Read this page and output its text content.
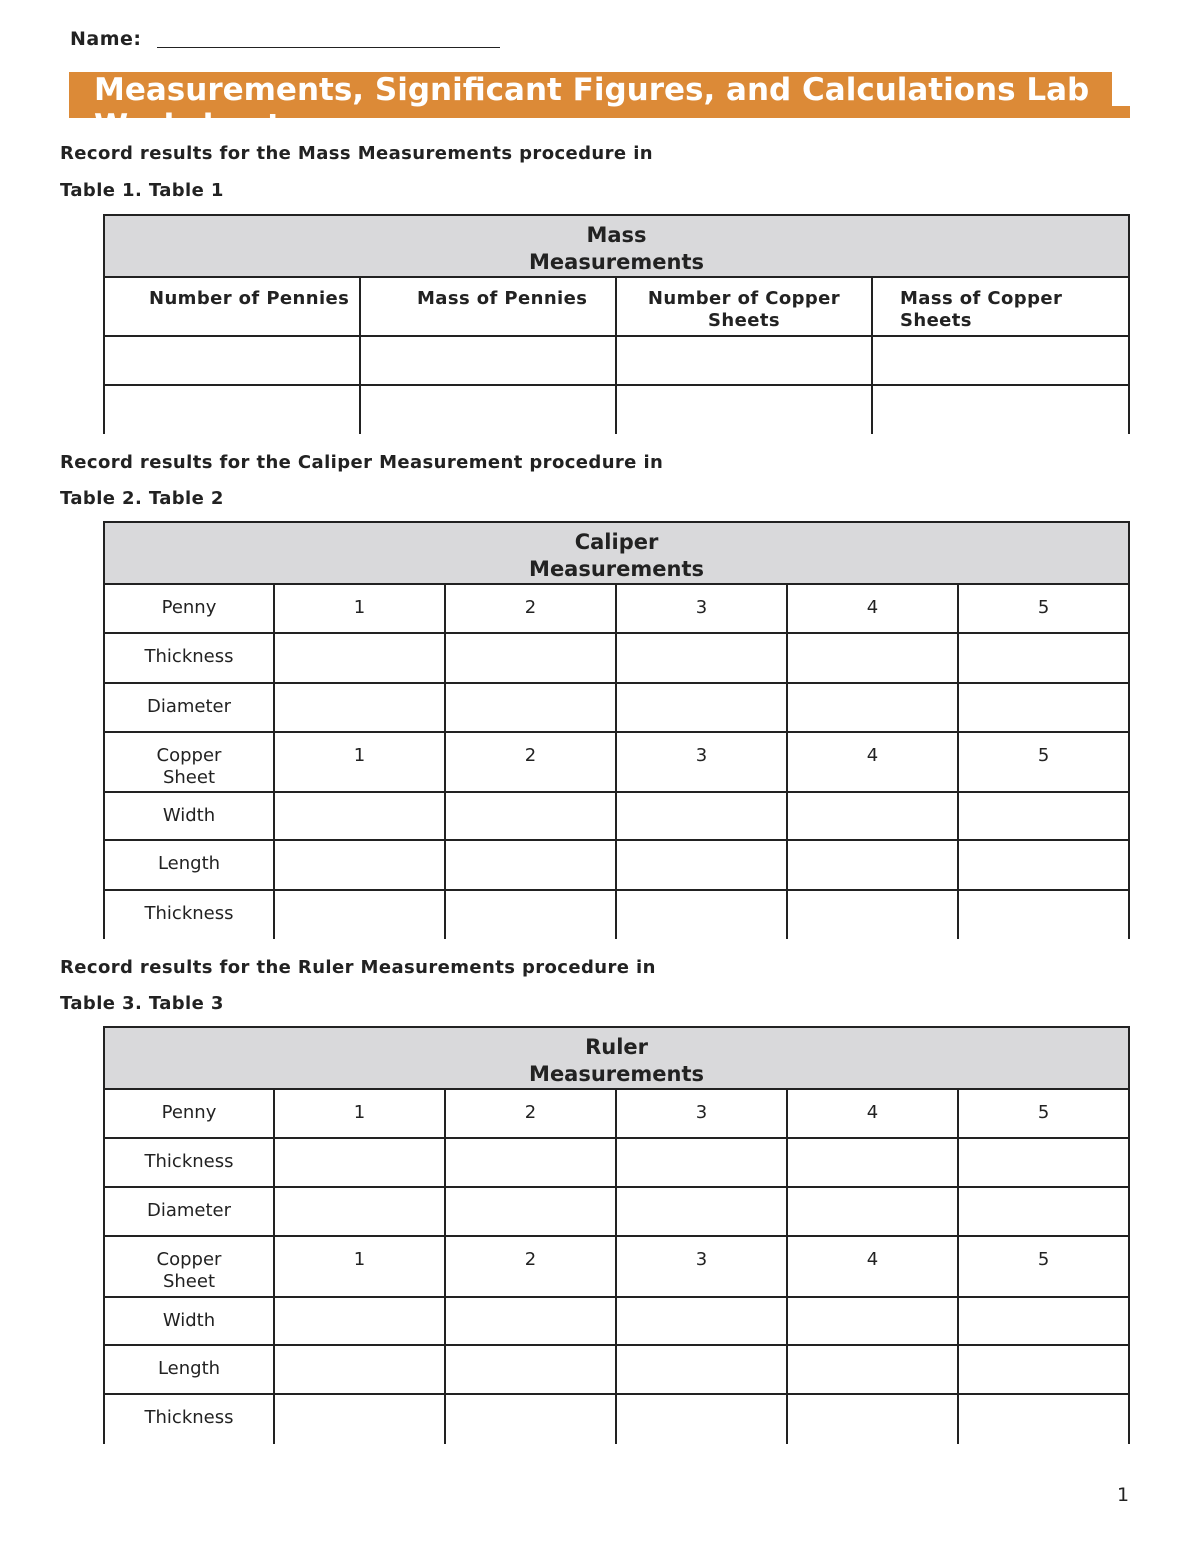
Name:
Measurements, Significant Figures, and Calculations Lab
Worksheet
Record results for the Mass Measurements procedure in
Table 1. Table 1
Mass
Measurements			

Number of Pennies	Mass of Pennies	Number of Copper Sheets	Mass of Copper Sheets

Record results for the Caliper Measurement procedure in
Table 2. Table 2
Caliper
Measurements					

Penny	1	2	3	4	5
Thickness					
Diameter					
Copper Sheet	1	2	3	4	5
Width					
Length					
Thickness					
Record results for the Ruler Measurements procedure in
Table 3. Table 3
Ruler
Measurements					

Penny	1	2	3	4	5
Thickness					
Diameter					
Copper Sheet	1	2	3	4	5
Width					
Length					
Thickness					
1
